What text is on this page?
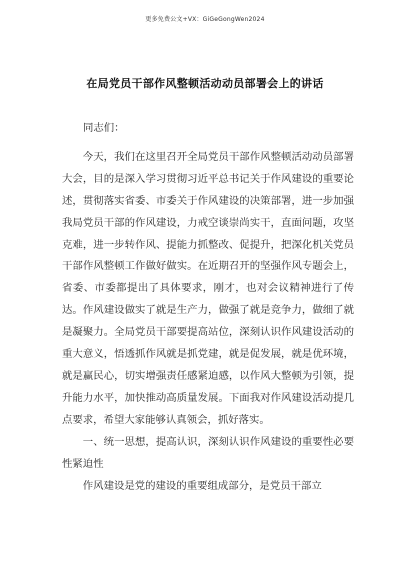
更多免费公文+VX：GiGeGongWen2024
在局党员干部作风整顿活动动员部署会上的讲话

同志们：

今天，我们在这里召开全局党员干部作风整顿活动动员部署大会，目的是深入学习贯彻习近平总书记关于作风建设的重要论述，贯彻落实省委、市委关于作风建设的决策部署，进一步加强我局党员干部的作风建设，力戒空谈崇尚实干，直面问题，攻坚克难，进一步转作风、提能力抓整改、促提升，把深化机关党员干部作风整顿工作做好做实。在近期召开的坚强作风专题会上，省委、市委都提出了具体要求，刚才，也对会议精神进行了传达。作风建设做实了就是生产力，做强了就是竞争力，做细了就是凝聚力。全局党员干部要提高站位，深刻认识作风建设活动的重大意义，悟透抓作风就是抓党建，就是促发展，就是优环境，就是赢民心，切实增强责任感紧迫感，以作风大整顿为引领，提升能力水平，加快推动高质量发展。下面我对作风建设活动提几点要求，希望大家能够认真领会，抓好落实。

一、统一思想，提高认识，深刻认识作风建设的重要性必要性紧迫性

作风建设是党的建设的重要组成部分，是党员干部立
